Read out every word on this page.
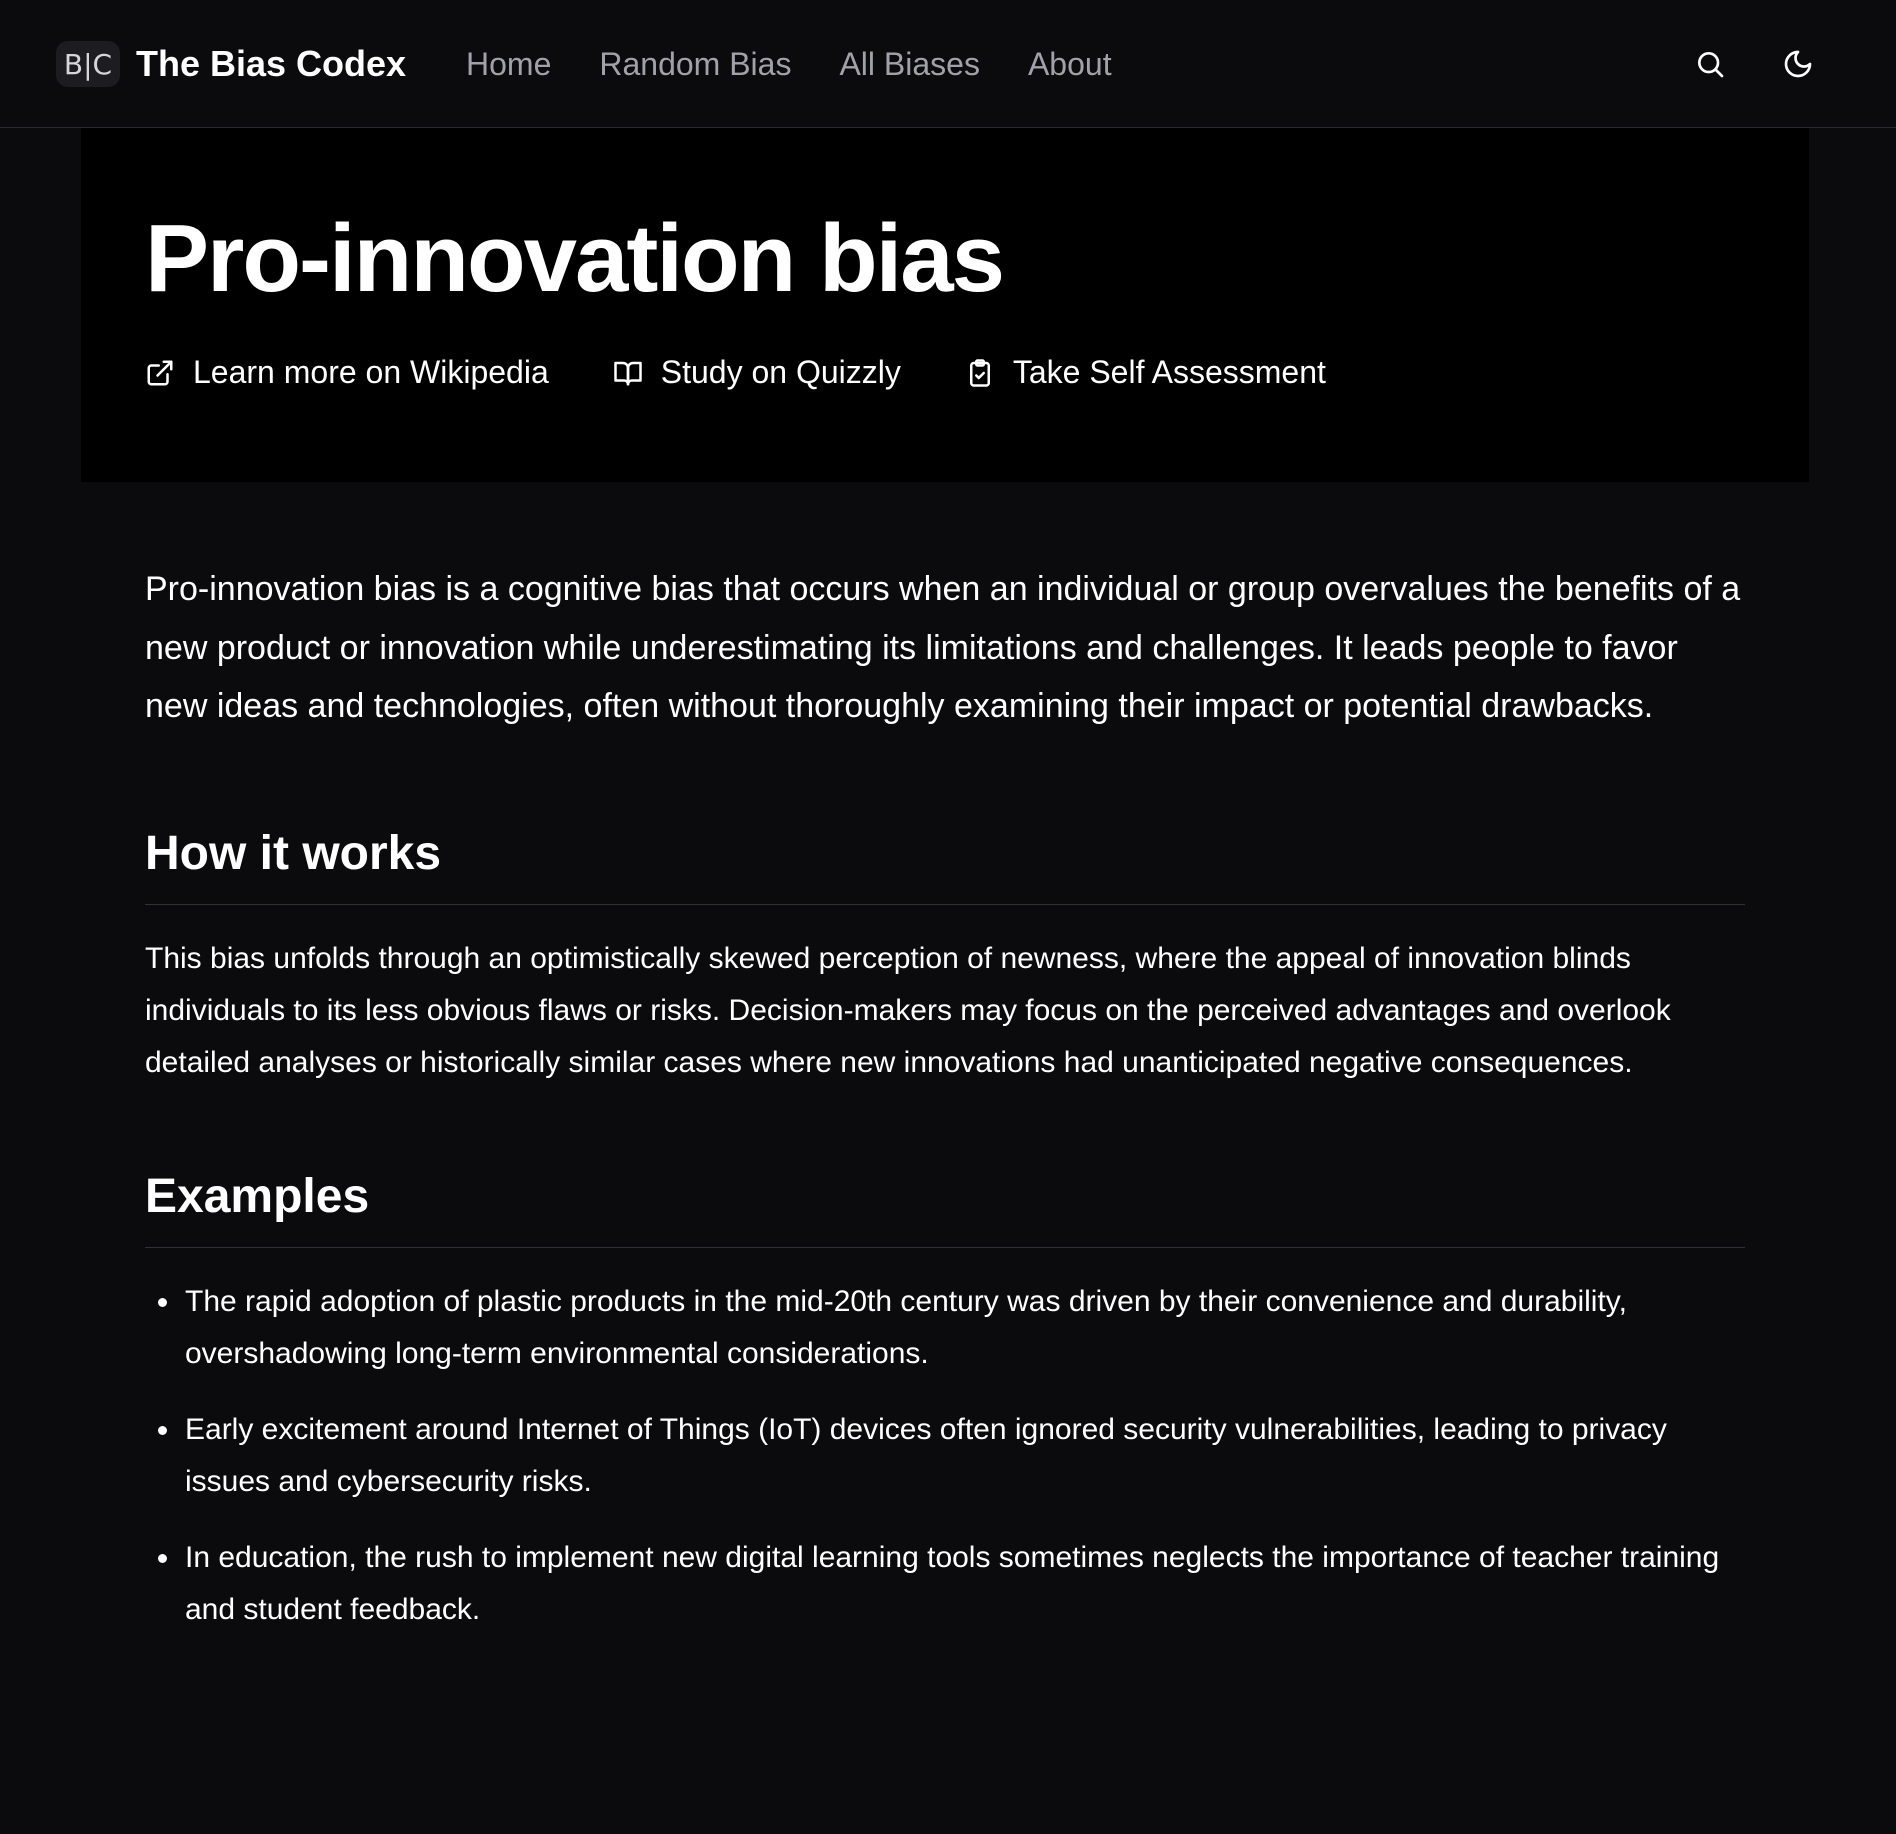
B|C The Bias Codex Home Random Bias All Biases About
Pro-innovation bias
Learn more on Wikipedia	Study on Quizzly	Take Self Assessment

Pro-innovation bias is a cognitive bias that occurs when an individual or group overvalues the benefits of a new product or innovation while underestimating its limitations and challenges. It leads people to favor new ideas and technologies, often without thoroughly examining their impact or potential drawbacks.

How it works

This bias unfolds through an optimistically skewed perception of newness, where the appeal of innovation blinds individuals to its less obvious flaws or risks. Decision-makers may focus on the perceived advantages and overlook detailed analyses or historically similar cases where new innovations had unanticipated negative consequences.

Examples
The rapid adoption of plastic products in the mid-20th century was driven by their convenience and durability, overshadowing long-term environmental considerations.
Early excitement around Internet of Things (IoT) devices often ignored security vulnerabilities, leading to privacy issues and cybersecurity risks.
In education, the rush to implement new digital learning tools sometimes neglects the importance of teacher training and student feedback.
